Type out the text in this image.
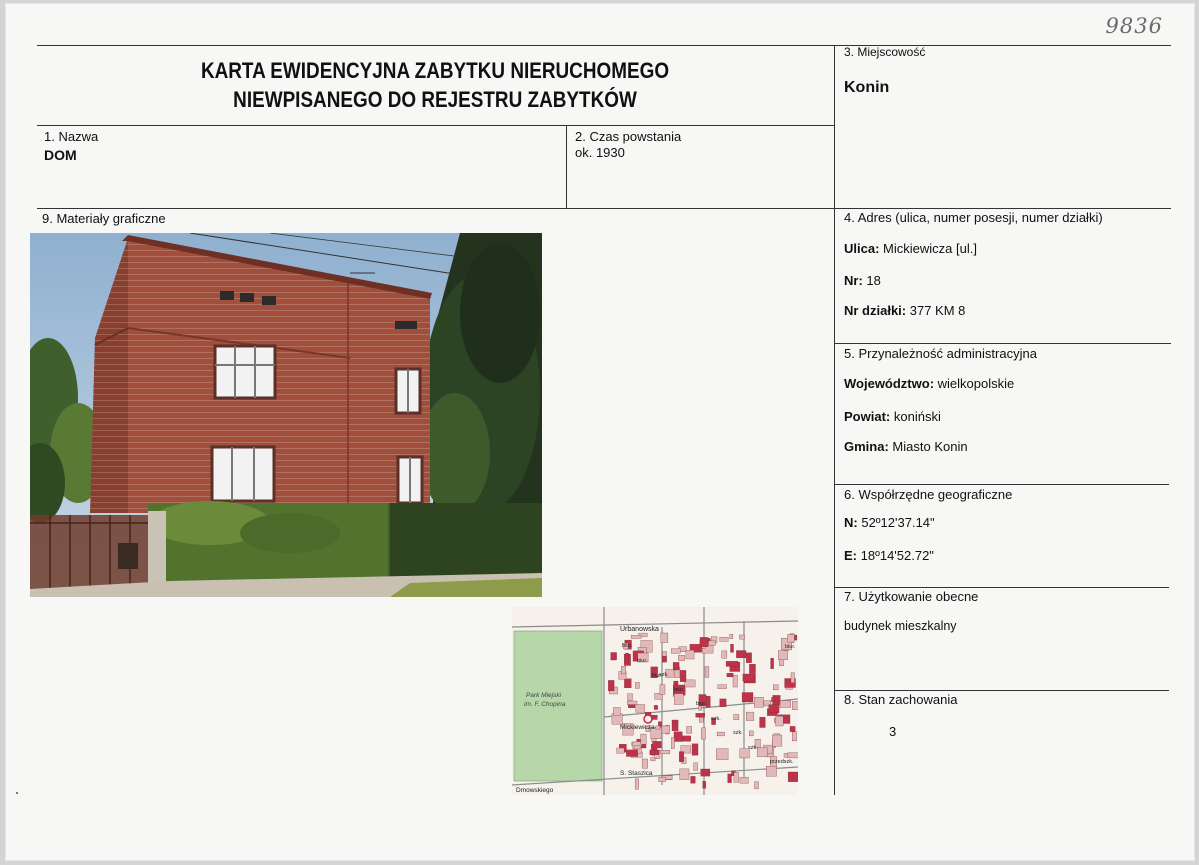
9836
KARTA EWIDENCYJNA ZABYTKU NIERUCHOMEGO
NIEWPISANEGO DO REJESTRU ZABYTKÓW
1. Nazwa
DOM
2. Czas powstania
ok. 1930
3. Miejscowość
Konin
9. Materiały graficzne	4. Adres (ulica, numer posesji, numer działki)
Ulica: Mickiewicza [ul.]
Nr: 18
Nr działki: 377 KM 8
5. Przynależność administracyjna
Województwo: wielkopolskie
Powiat: koniński
Gmina: Miasto Konin
6. Współrzędne geograficzne
N: 52º12'37.14"
E: 18º14'52.72"
7. Użytkowanie obecne
budynek mieszkalny
8. Stan zachowania
3
Urbanowska
Park Miejski
im. F. Chopina
Dmowskiego
Mickiewicza
S. Staszica
biur.
szk.
biur.
szk.
przedszk.
biur.
biur.
szk.
szk.
biur.
biur.
